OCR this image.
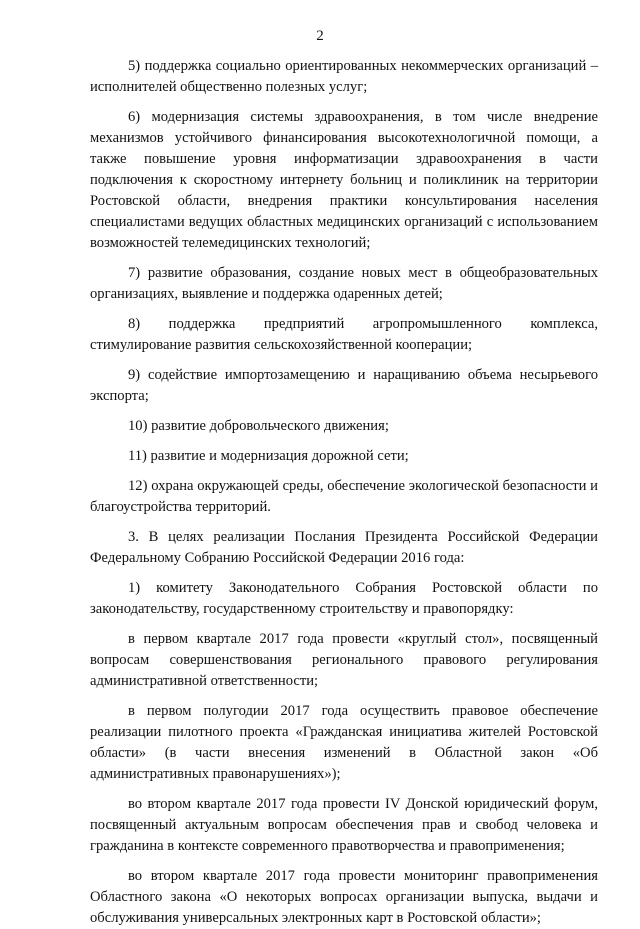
2

5) поддержка социально ориентированных некоммерческих организаций – исполнителей общественно полезных услуг;

6) модернизация системы здравоохранения, в том числе внедрение механизмов устойчивого финансирования высокотехнологичной помощи, а также повышение уровня информатизации здравоохранения в части подключения к скоростному интернету больниц и поликлиник на территории Ростовской области, внедрения практики консультирования населения специалистами ведущих областных медицинских организаций с использованием возможностей телемедицинских технологий;

7) развитие образования, создание новых мест в общеобразовательных организациях, выявление и поддержка одаренных детей;

8) поддержка предприятий агропромышленного комплекса, стимулирование развития сельскохозяйственной кооперации;

9) содействие импортозамещению и наращиванию объема несырьевого экспорта;

10) развитие добровольческого движения;

11) развитие и модернизация дорожной сети;

12) охрана окружающей среды, обеспечение экологической безопасности и благоустройства территорий.

3. В целях реализации Послания Президента Российской Федерации Федеральному Собранию Российской Федерации 2016 года:

1) комитету Законодательного Собрания Ростовской области по законодательству, государственному строительству и правопорядку:

в первом квартале 2017 года провести «круглый стол», посвященный вопросам совершенствования регионального правового регулирования административной ответственности;

в первом полугодии 2017 года осуществить правовое обеспечение реализации пилотного проекта «Гражданская инициатива жителей Ростовской области» (в части внесения изменений в Областной закон «Об административных правонарушениях»);

во втором квартале 2017 года провести IV Донской юридический форум, посвященный актуальным вопросам обеспечения прав и свобод человека и гражданина в контексте современного правотворчества и правоприменения;

во втором квартале 2017 года провести мониторинг правоприменения Областного закона «О некоторых вопросах организации выпуска, выдачи и обслуживания универсальных электронных карт в Ростовской области»;
